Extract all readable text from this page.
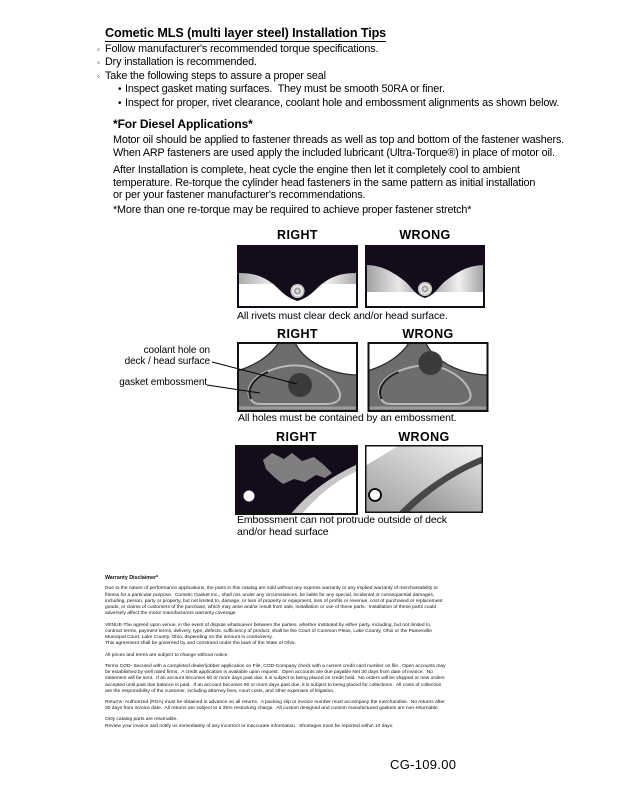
Cometic MLS (multi layer steel) Installation Tips
◦ Follow manufacturer's recommended torque specifications.
◦ Dry installation is recommended.
◦ Take the following steps to assure a proper seal
• Inspect gasket mating surfaces.  They must be smooth 50RA or finer.
• Inspect for proper, rivet clearance, coolant hole and embossment alignments as shown below.
*For Diesel Applications*
Motor oil should be applied to fastener threads as well as top and bottom of the fastener washers.
When ARP fasteners are used apply the included lubricant (Ultra-Torque®) in place of motor oil.
After Installation is complete, heat cycle the engine then let it completely cool to ambient
temperature. Re-torque the cylinder head fasteners in the same pattern as initial installation
or per your fastener manufacturer's recommendations.
*More than one re-torque may be required to achieve proper fastener stretch*
RIGHT	WRONG
All rivets must clear deck and/or head surface.
RIGHT	WRONG
coolant hole on
deck / head surface
gasket embossment
All holes must be contained by an embossment.
RIGHT	WRONG
Embossment can not protrude outside of deck
and/or head surface
Warranty Disclaimer*
Due to the nature of performance applications, the parts in this catalog are sold without any express warranty or any implied warranty of merchantability or
fitness for a particular purpose.  Cometic Gasket Inc., shall not, under any circumstances, be liable for any special, incidental or consequential damages,
including, person, party or property, but not limited to, damage, or loss of property or equipment, loss of profits or revenue, cost of purchased or replacement
goods, or claims of customers of the purchase, which may arise and/or result from sale, installation or use of these parts.  Installation of these parts could
adversely affect the motor manufacturers warranty coverage.
VENUE-The agreed upon venue, in the event of dispute whatsoever between the parties, whether instituted by either party, including, but not limited to,
contract terms, payment terms, delivery, type, defects, sufficiency of product, shall be the Court of Common Pleas, Lake County, Ohio or the Painesville
Municipal Court, Lake County, Ohio, depending on the amount in controversy.
This agreement shall be governed by and construed under the laws of the State of Ohio.
All prices and terms are subject to change without notice.
Terms COD- Secured with a completed dealer/jobber application on File, COD-Company check with a current credit card number on file.  Open accounts may
be established by well rated firms.  A credit application is available upon request.  Open accounts are due payable Net 30 days from date of invoice.  No
statement will be sent.  If an account becomes 60 or more days past due, it is subject to being placed on credit hold.  No orders will be shipped or new orders
accepted until past due balance is paid.  If an account becomes 90 or more days past due, it is subject to being placed for collections.  All costs of collection
are the responsibility of the customer, including attorney fees, court costs, and other expenses of litigation.
Returns- Authorized (RGA) must be obtained in advance on all returns.  A packing slip or invoice number must accompany the merchandise.  No returns after
30 days from invoice date.  All returns are subject to a 25% restocking charge.  All custom designed and custom manufactured gaskets are non-returnable.
Only catalog parts are returnable.
Review your invoice and notify us immediately of any incorrect or inaccurate information.  Shortages must be reported within 10 days.
CG-109.00
